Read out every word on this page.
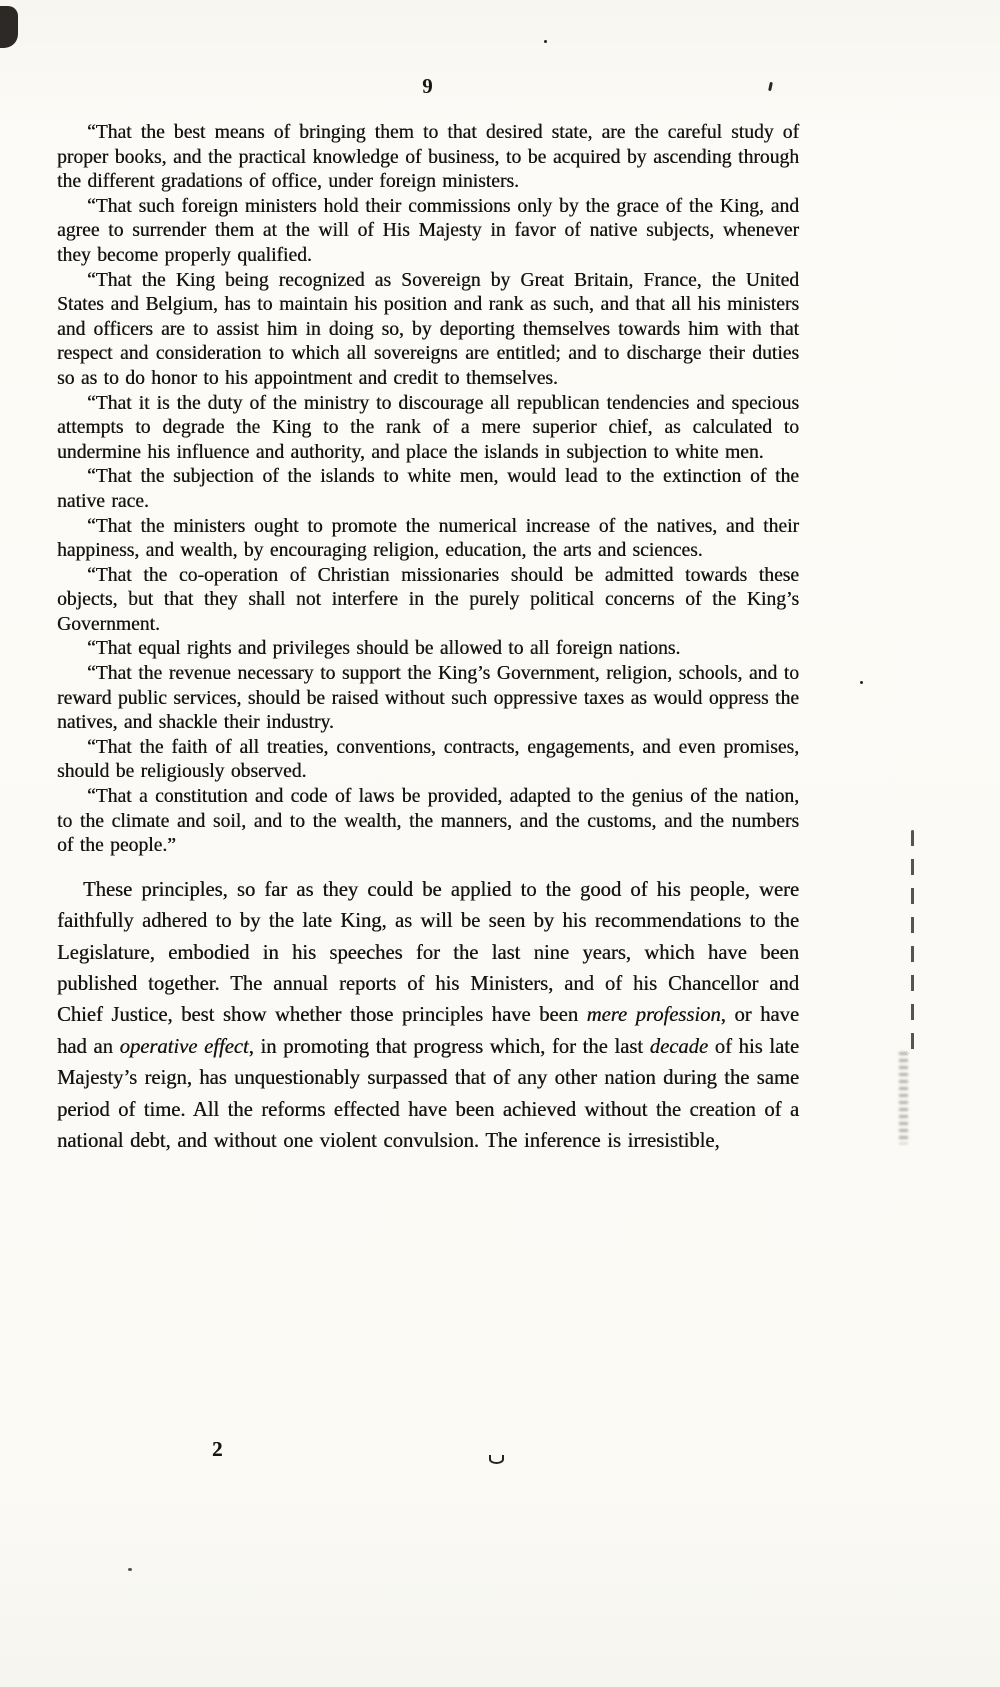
9

“That the best means of bringing them to that desired state, are the careful study of proper books, and the practical knowledge of business, to be acquired by ascending through the different gradations of office, under foreign ministers.

“That such foreign ministers hold their commissions only by the grace of the King, and agree to surrender them at the will of His Majesty in favor of native subjects, whenever they become properly qualified.

“That the King being recognized as Sovereign by Great Britain, France, the United States and Belgium, has to maintain his position and rank as such, and that all his ministers and officers are to assist him in doing so, by deporting themselves towards him with that respect and consideration to which all sovereigns are entitled; and to discharge their duties so as to do honor to his appointment and credit to themselves.

“That it is the duty of the ministry to discourage all republican tendencies and specious attempts to degrade the King to the rank of a mere superior chief, as calculated to undermine his influence and authority, and place the islands in subjection to white men.

“That the subjection of the islands to white men, would lead to the extinction of the native race.

“That the ministers ought to promote the numerical increase of the natives, and their happiness, and wealth, by encouraging religion, education, the arts and sciences.

“That the co-operation of Christian missionaries should be admitted towards these objects, but that they shall not interfere in the purely political concerns of the King’s Government.

“That equal rights and privileges should be allowed to all foreign nations.

“That the revenue necessary to support the King’s Government, religion, schools, and to reward public services, should be raised without such oppressive taxes as would oppress the natives, and shackle their industry.

“That the faith of all treaties, conventions, contracts, engagements, and even promises, should be religiously observed.

“That a constitution and code of laws be provided, adapted to the genius of the nation, to the climate and soil, and to the wealth, the manners, and the customs, and the numbers of the people.”

These principles, so far as they could be applied to the good of his people, were faithfully adhered to by the late King, as will be seen by his recommendations to the Legislature, embodied in his speeches for the last nine years, which have been published together. The annual reports of his Ministers, and of his Chancellor and Chief Justice, best show whether those principles have been mere profession, or have had an operative effect, in promoting that progress which, for the last decade of his late Majesty’s reign, has unquestionably surpassed that of any other nation during the same period of time. All the reforms effected have been achieved without the creation of a national debt, and without one violent convulsion. The inference is irresistible,

2
